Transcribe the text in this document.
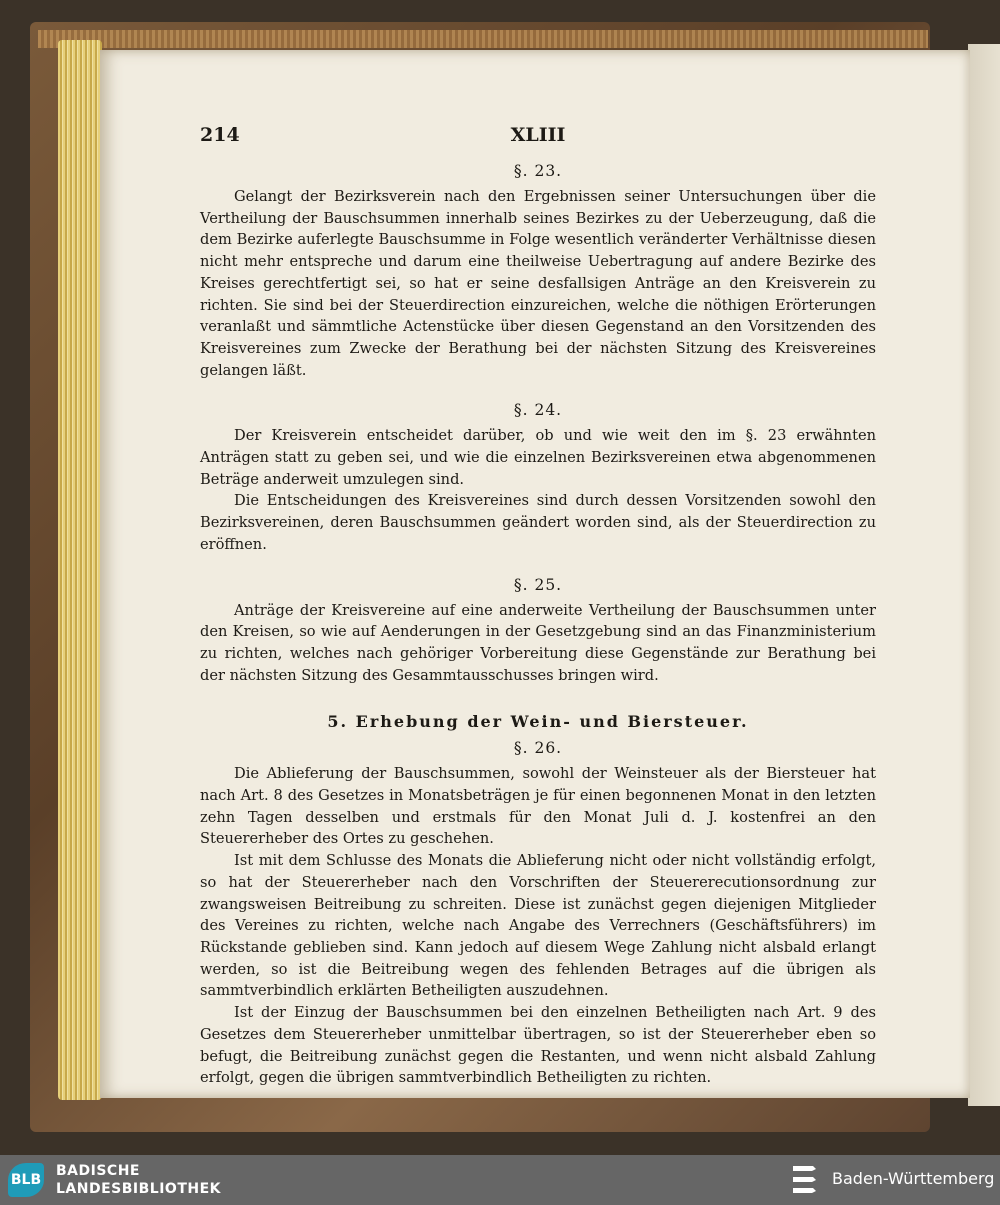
XLIII
214
§. 23.

Gelangt der Bezirksverein nach den Ergebnissen seiner Untersuchungen über die Vertheilung der Bauschsummen innerhalb seines Bezirkes zu der Ueberzeugung, daß die dem Bezirke auferlegte Bauschsumme in Folge wesentlich veränderter Verhältnisse diesen nicht mehr entspreche und darum eine theilweise Uebertragung auf andere Bezirke des Kreises gerechtfertigt sei, so hat er seine desfallsigen Anträge an den Kreisverein zu richten. Sie sind bei der Steuerdirection einzureichen, welche die nöthigen Erörterungen veranlaßt und sämmtliche Actenstücke über diesen Gegenstand an den Vorsitzenden des Kreisvereines zum Zwecke der Berathung bei der nächsten Sitzung des Kreisvereines gelangen läßt.

§. 24.

Der Kreisverein entscheidet darüber, ob und wie weit den im §. 23 erwähnten Anträgen statt zu geben sei, und wie die einzelnen Bezirksvereinen etwa abgenommenen Beträge anderweit umzulegen sind.

Die Entscheidungen des Kreisvereines sind durch dessen Vorsitzenden sowohl den Bezirksvereinen, deren Bauschsummen geändert worden sind, als der Steuerdirection zu eröffnen.

§. 25.

Anträge der Kreisvereine auf eine anderweite Vertheilung der Bauschsummen unter den Kreisen, so wie auf Aenderungen in der Gesetzgebung sind an das Finanzministerium zu richten, welches nach gehöriger Vorbereitung diese Gegenstände zur Berathung bei der nächsten Sitzung des Gesammtausschusses bringen wird.

5. Erhebung der Wein- und Biersteuer.
§. 26.

Die Ablieferung der Bauschsummen, sowohl der Weinsteuer als der Biersteuer hat nach Art. 8 des Gesetzes in Monatsbeträgen je für einen begonnenen Monat in den letzten zehn Tagen desselben und erstmals für den Monat Juli d. J. kostenfrei an den Steuererheber des Ortes zu geschehen.

Ist mit dem Schlusse des Monats die Ablieferung nicht oder nicht vollständig erfolgt, so hat der Steuererheber nach den Vorschriften der Steuererecutionsordnung zur zwangsweisen Beitreibung zu schreiten. Diese ist zunächst gegen diejenigen Mitglieder des Vereines zu richten, welche nach Angabe des Verrechners (Geschäftsführers) im Rückstande geblieben sind. Kann jedoch auf diesem Wege Zahlung nicht alsbald erlangt werden, so ist die Beitreibung wegen des fehlenden Betrages auf die übrigen als sammtverbindlich erklärten Betheiligten auszudehnen.

Ist der Einzug der Bauschsummen bei den einzelnen Betheiligten nach Art. 9 des Gesetzes dem Steuererheber unmittelbar übertragen, so ist der Steuererheber eben so befugt, die Beitreibung zunächst gegen die Restanten, und wenn nicht alsbald Zahlung erfolgt, gegen die übrigen sammtverbindlich Betheiligten zu richten.

BLB
BADISCHE
LANDESBIBLIOTHEK
Baden-Württemberg
